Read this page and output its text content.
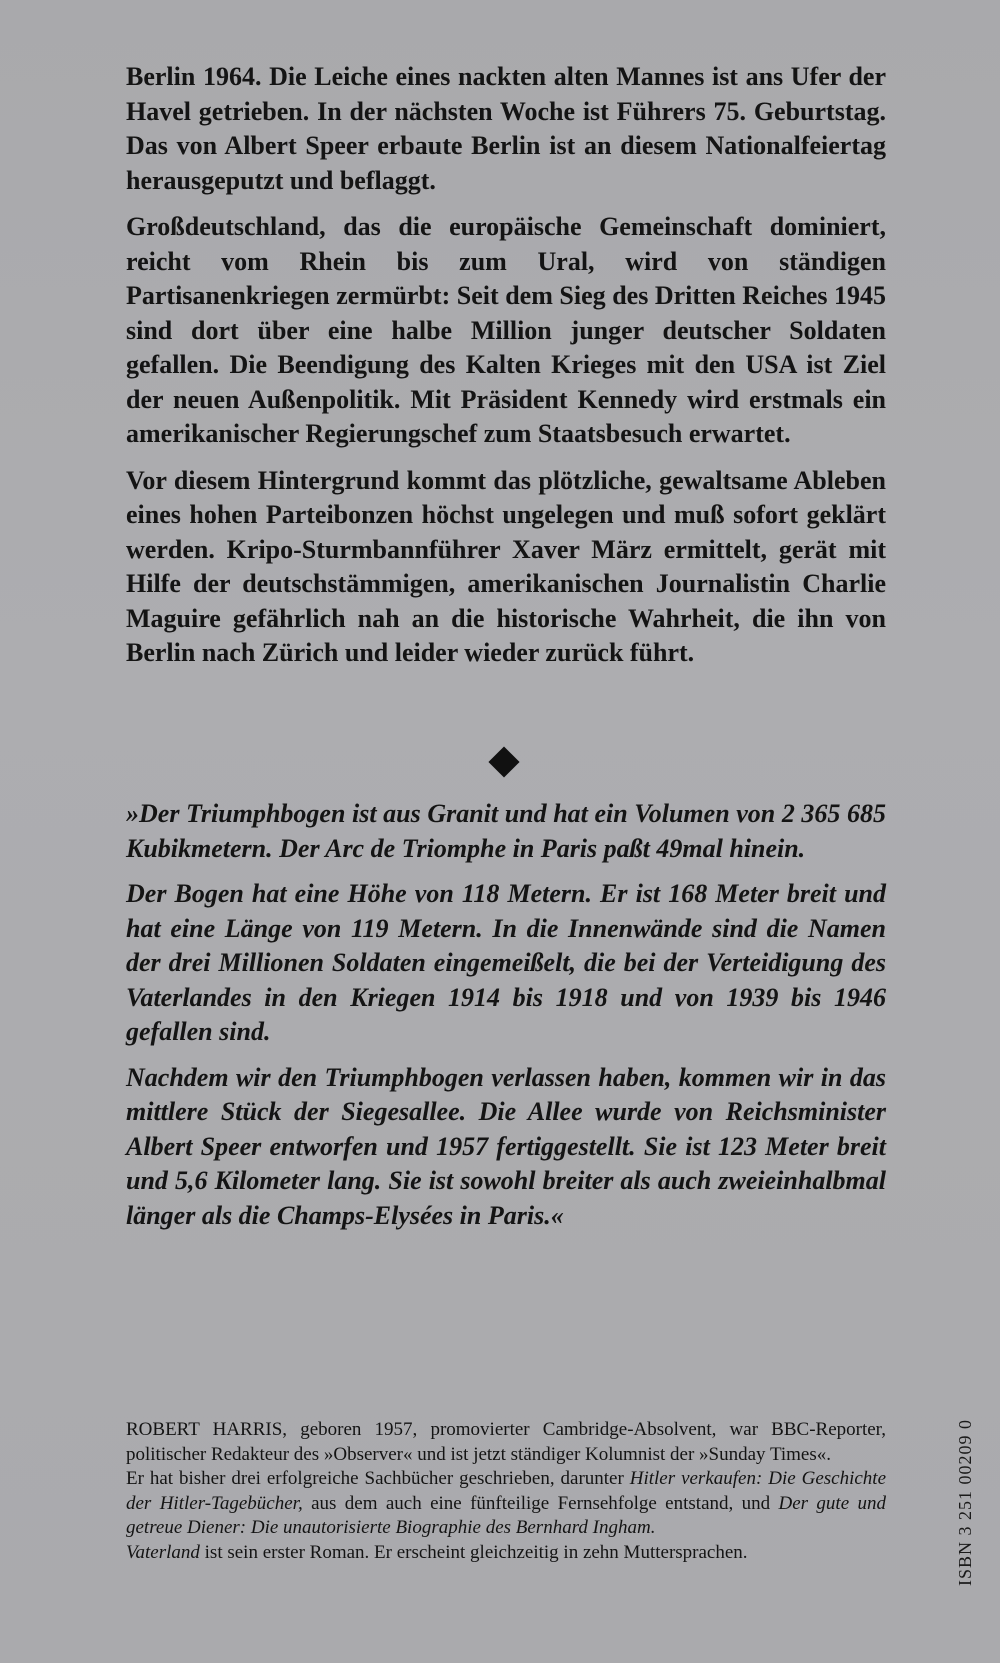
Berlin 1964. Die Leiche eines nackten alten Mannes ist ans Ufer der Havel getrieben. In der nächsten Woche ist Führers 75. Geburtstag. Das von Albert Speer erbaute Berlin ist an diesem Nationalfeiertag herausgeputzt und beflaggt.

Großdeutschland, das die europäische Gemeinschaft dominiert, reicht vom Rhein bis zum Ural, wird von ständigen Partisanenkriegen zermürbt: Seit dem Sieg des Dritten Reiches 1945 sind dort über eine halbe Million junger deutscher Soldaten gefallen. Die Beendigung des Kalten Krieges mit den USA ist Ziel der neuen Außenpolitik. Mit Präsident Kennedy wird erstmals ein amerikanischer Regierungschef zum Staatsbesuch erwartet.

Vor diesem Hintergrund kommt das plötzliche, gewaltsame Ableben eines hohen Parteibonzen höchst ungelegen und muß sofort geklärt werden. Kripo-Sturmbannführer Xaver März ermittelt, gerät mit Hilfe der deutschstämmigen, amerikanischen Journalistin Charlie Maguire gefährlich nah an die historische Wahrheit, die ihn von Berlin nach Zürich und leider wieder zurück führt.

»Der Triumphbogen ist aus Granit und hat ein Volumen von 2 365 685 Kubikmetern. Der Arc de Triomphe in Paris paßt 49mal hinein.

Der Bogen hat eine Höhe von 118 Metern. Er ist 168 Meter breit und hat eine Länge von 119 Metern. In die Innenwände sind die Namen der drei Millionen Soldaten eingemeißelt, die bei der Verteidigung des Vaterlandes in den Kriegen 1914 bis 1918 und von 1939 bis 1946 gefallen sind.

Nachdem wir den Triumphbogen verlassen haben, kommen wir in das mittlere Stück der Siegesallee. Die Allee wurde von Reichsminister Albert Speer entworfen und 1957 fertiggestellt. Sie ist 123 Meter breit und 5,6 Kilometer lang. Sie ist sowohl breiter als auch zweieinhalbmal länger als die Champs-Elysées in Paris.«

ROBERT HARRIS, geboren 1957, promovierter Cambridge-Absolvent, war BBC-Reporter, politischer Redakteur des »Observer« und ist jetzt ständiger Kolumnist der »Sunday Times«.

Er hat bisher drei erfolgreiche Sachbücher geschrieben, darunter Hitler verkaufen: Die Geschichte der Hitler-Tagebücher, aus dem auch eine fünfteilige Fernsehfolge entstand, und Der gute und getreue Diener: Die unautorisierte Biographie des Bernhard Ingham.

Vaterland ist sein erster Roman. Er erscheint gleichzeitig in zehn Muttersprachen.	ISBN 3 251 00209 0
